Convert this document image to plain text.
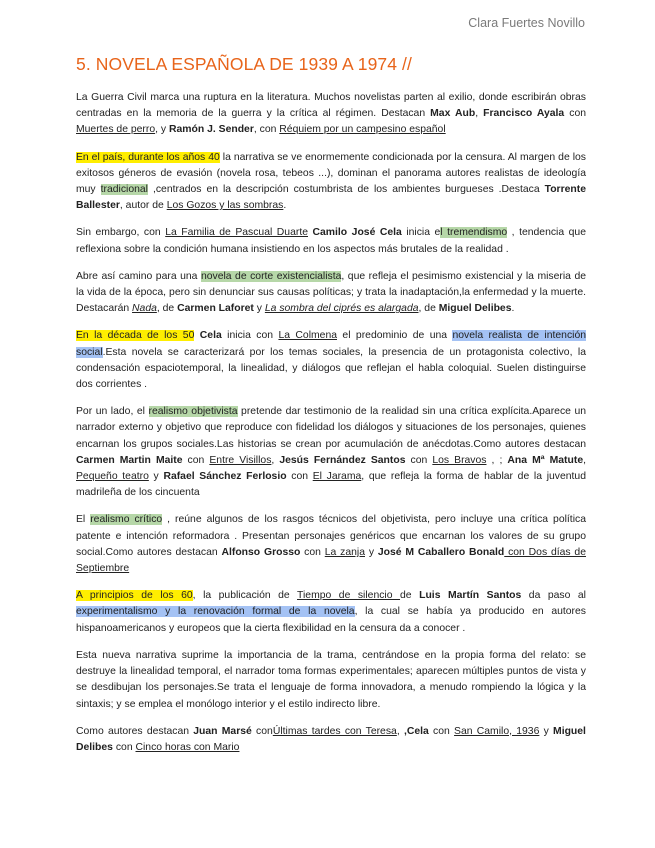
Clara Fuertes Novillo
5. NOVELA ESPAÑOLA DE 1939 A 1974 //

La Guerra Civil marca una ruptura en la literatura. Muchos novelistas parten al exilio, donde escribirán obras centradas en la memoria de la guerra y la crítica al régimen. Destacan Max Aub, Francisco Ayala con Muertes de perro, y Ramón J. Sender, con Réquiem por un campesino español

En el país, durante los años 40 la narrativa se ve enormemente condicionada por la censura. Al margen de los exitosos géneros de evasión (novela rosa, tebeos ...), dominan el panorama autores realistas de ideología muy tradicional ,centrados en la descripción costumbrista de los ambientes burgueses .Destaca Torrente Ballester, autor de Los Gozos y las sombras.

Sin embargo, con La Familia de Pascual Duarte Camilo José Cela inicia el tremendismo , tendencia que reflexiona sobre la condición humana insistiendo en los aspectos más brutales de la realidad .

Abre así camino para una novela de corte existencialista, que refleja el pesimismo existencial y la miseria de la vida de la época, pero sin denunciar sus causas políticas; y trata la inadaptación,la enfermedad y la muerte. Destacarán Nada, de Carmen Laforet y La sombra del ciprés es alargada, de Miguel Delibes.

En la década de los 50 Cela inicia con La Colmena el predominio de una novela realista de intención social.Esta novela se caracterizará por los temas sociales, la presencia de un protagonista colectivo, la condensación espaciotemporal, la linealidad, y diálogos que reflejan el habla coloquial. Suelen distinguirse dos corrientes .

Por un lado, el realismo objetivista pretende dar testimonio de la realidad sin una crítica explícita.Aparece un narrador externo y objetivo que reproduce con fidelidad los diálogos y situaciones de los personajes, quienes encarnan los grupos sociales.Las historias se crean por acumulación de anécdotas.Como autores destacan Carmen Martin Maite con Entre Visillos, Jesús Fernández Santos con Los Bravos , ; Ana Mª Matute, Pequeño teatro y Rafael Sánchez Ferlosio con El Jarama, que refleja la forma de hablar de la juventud madrileña de los cincuenta

El realismo crítico , reúne algunos de los rasgos técnicos del objetivista, pero incluye una crítica política patente e intención reformadora . Presentan personajes genéricos que encarnan los valores de su grupo social.Como autores destacan Alfonso Grosso con La zanja y José M Caballero Bonald con Dos días de Septiembre

A principios de los 60, la publicación de Tiempo de silencio de Luis Martín Santos da paso al experimentalismo y la renovación formal de la novela, la cual se había ya producido en autores hispanoamericanos y europeos que la cierta flexibilidad en la censura da a conocer .

Esta nueva narrativa suprime la importancia de la trama, centrándose en la propia forma del relato: se destruye la linealidad temporal, el narrador toma formas experimentales; aparecen múltiples puntos de vista y se desdibujan los personajes.Se trata el lenguaje de forma innovadora, a menudo rompiendo la lógica y la sintaxis; y se emplea el monólogo interior y el estilo indirecto libre.

Como autores destacan Juan Marsé conÚltimas tardes con Teresa, ,Cela con San Camilo, 1936 y Miguel Delibes con Cinco horas con Mario
